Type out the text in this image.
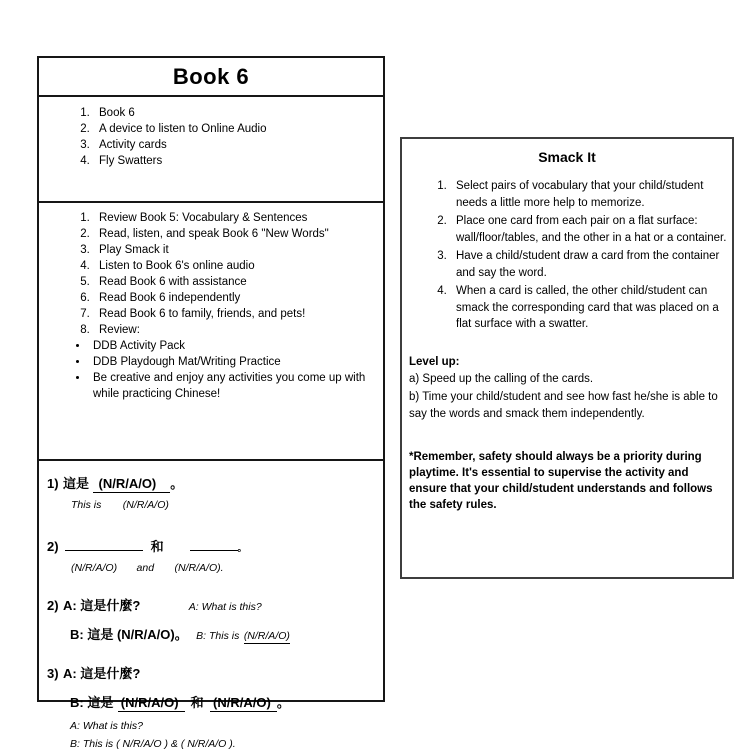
Book 6
1. Book 6
2. A device to listen to Online Audio
3. Activity cards
4. Fly Swatters
1. Review Book 5: Vocabulary & Sentences
2. Read, listen, and speak Book 6 "New Words"
3. Play Smack it
4. Listen to Book 6's online audio
5. Read Book 6 with assistance
6. Read Book 6 independently
7. Read Book 6 to family, friends, and pets!
8. Review:
• DDB Activity Pack
• DDB Playdough Mat/Writing Practice
• Be creative and enjoy any activities you come up with while practicing Chinese!
1) 這是 (N/R/A/O) 。
This is (N/R/A/O)
2)	和	。
(N/R/A/O) and (N/R/A/O).
2) A: 這是什麼?	A: What is this?
B: 這是 (N/R/A/O)。 B: This is (N/R/A/O)
3) A: 這是什麼?
B: 這是 (N/R/A/O) 和 (N/R/A/O) 。
A: What is this?
B: This is ( N/R/A/O ) & ( N/R/A/O ).
Smack It
1. Select pairs of vocabulary that your child/student needs a little more help to memorize.
2. Place one card from each pair on a flat surface: wall/floor/tables, and the other in a hat or a container.
3. Have a child/student draw a card from the container and say the word.
4. When a card is called, the other child/student can smack the corresponding card that was placed on a flat surface with a swatter.
Level up:
a) Speed up the calling of the cards.
b) Time your child/student and see how fast he/she is able to say the words and smack them independently.
*Remember, safety should always be a priority during playtime. It's essential to supervise the activity and ensure that your child/student understands and follows the safety rules.
